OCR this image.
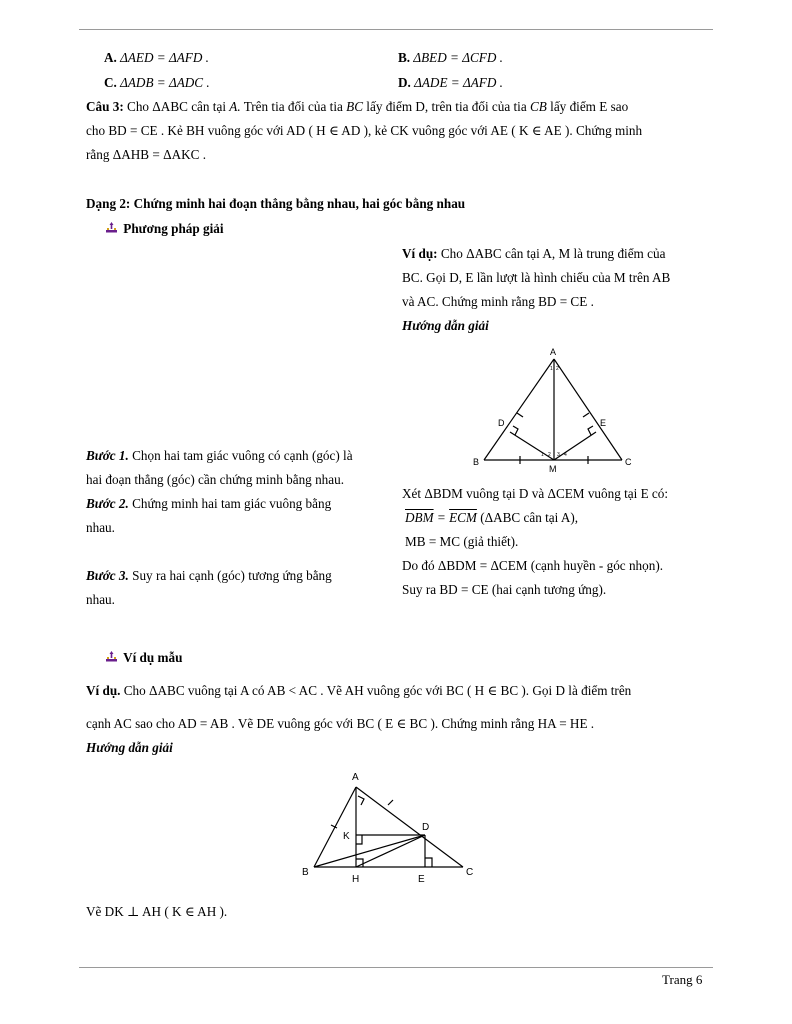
A. ΔAED = ΔAFD .	B. ΔBED = ΔCFD .
C. ΔADB = ΔADC .	D. ΔADE = ΔAFD .
Câu 3: Cho ΔABC cân tại A. Trên tia đối của tia BC lấy điểm D, trên tia đối của tia CB lấy điểm E sao
cho BD = CE . Kẻ BH vuông góc với AD ( H ∈ AD ), kẻ CK vuông góc với AE ( K ∈ AE ). Chứng minh
rằng ΔAHB = ΔAKC .
Dạng 2: Chứng minh hai đoạn thẳng bằng nhau, hai góc bằng nhau
Phương pháp giải
Ví dụ: Cho ΔABC cân tại A, M là trung điểm của
BC. Gọi D, E lần lượt là hình chiếu của M trên AB
và AC. Chứng minh rằng BD = CE .
Hướng dẫn giải
A
1 2
B	C
D	E
M
1 2 3 4
Bước 1. Chọn hai tam giác vuông có cạnh (góc) là
hai đoạn thẳng (góc) cần chứng minh bằng nhau.
Bước 2. Chứng minh hai tam giác vuông bằng
nhau.
Bước 3. Suy ra hai cạnh (góc) tương ứng bằng
nhau.
Xét ΔBDM vuông tại D và ΔCEM vuông tại E có:
$\overline{DBM} = \overline{ECM}$ (ΔABC cân tại A),
MB = MC (giả thiết).
Do đó ΔBDM = ΔCEM (cạnh huyền - góc nhọn).
Suy ra BD = CE (hai cạnh tương ứng).
Ví dụ mẫu
Ví dụ. Cho ΔABC vuông tại A có AB < AC . Vẽ AH vuông góc với BC ( H ∈ BC ). Gọi D là điểm trên
cạnh AC sao cho AD = AB . Vẽ DE vuông góc với BC ( E ∈ BC ). Chứng minh rằng HA = HE .
Hướng dẫn giải
A
B	C
D
E
H
K
Vẽ DK ⊥ AH ( K ∈ AH ).
Trang 6
